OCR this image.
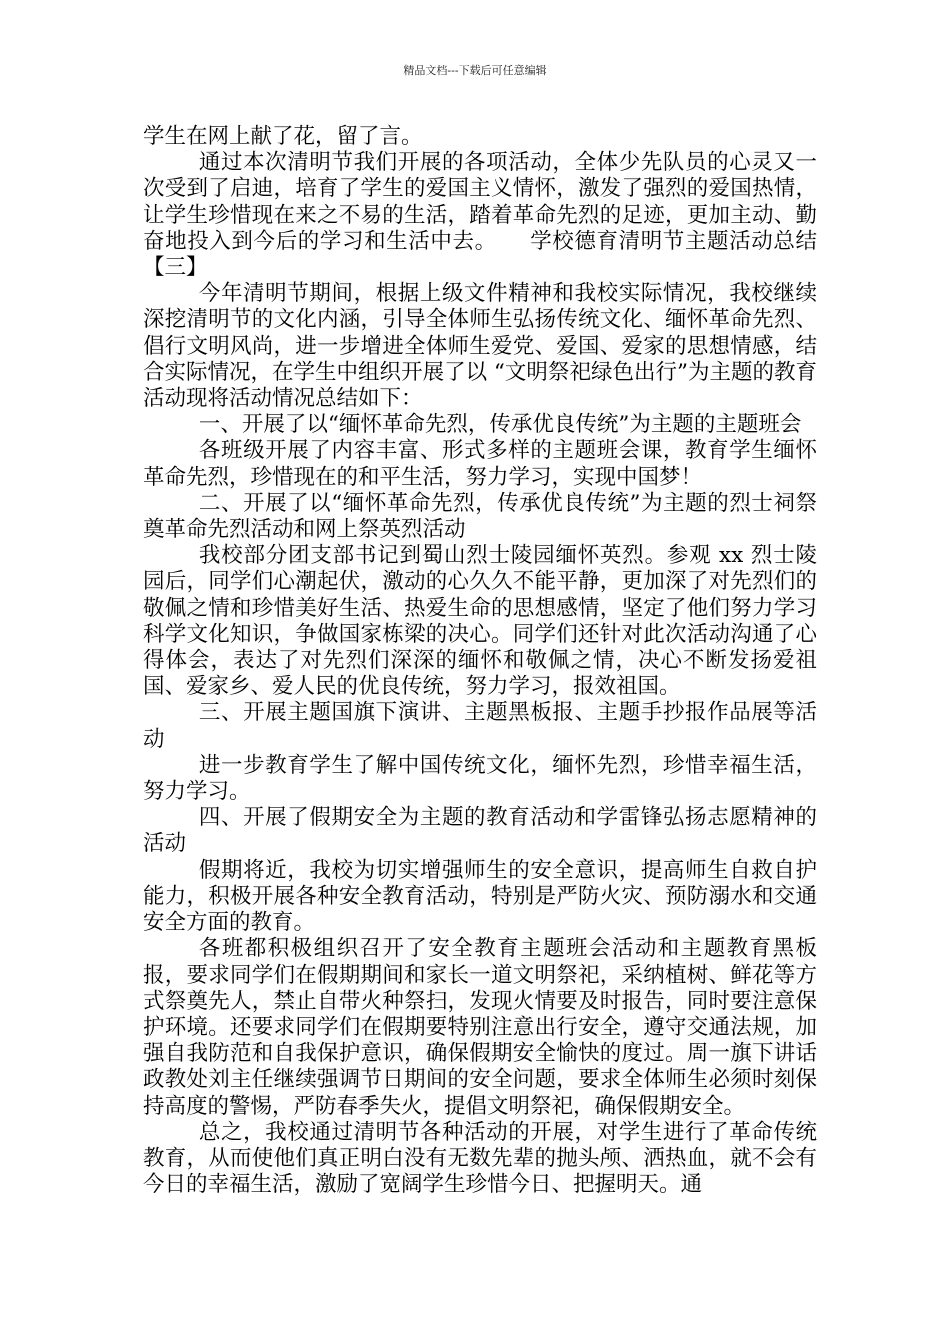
精品文档---下载后可任意编辑

学生在网上献了花，留了言。

通过本次清明节我们开展的各项活动，全体少先队员的心灵又一次受到了启迪，培育了学生的爱国主义情怀，激发了强烈的爱国热情，让学生珍惜现在来之不易的生活，踏着革命先烈的足迹，更加主动、勤奋地投入到今后的学习和生活中去。　　学校德育清明节主题活动总结【三】

今年清明节期间，根据上级文件精神和我校实际情况，我校继续深挖清明节的文化内涵，引导全体师生弘扬传统文化、缅怀革命先烈、倡行文明风尚，进一步增进全体师生爱党、爱国、爱家的思想情感，结合实际情况，在学生中组织开展了以 “文明祭祀绿色出行”为主题的教育活动现将活动情况总结如下：

一、开展了以“缅怀革命先烈，传承优良传统”为主题的主题班会

各班级开展了内容丰富、形式多样的主题班会课，教育学生缅怀革命先烈，珍惜现在的和平生活，努力学习，实现中国梦！

二、开展了以“缅怀革命先烈，传承优良传统”为主题的烈士祠祭奠革命先烈活动和网上祭英烈活动

我校部分团支部书记到蜀山烈士陵园缅怀英烈。参观 xx 烈士陵园后，同学们心潮起伏，激动的心久久不能平静，更加深了对先烈们的敬佩之情和珍惜美好生活、热爱生命的思想感情，坚定了他们努力学习科学文化知识，争做国家栋梁的决心。同学们还针对此次活动沟通了心得体会，表达了对先烈们深深的缅怀和敬佩之情，决心不断发扬爱祖国、爱家乡、爱人民的优良传统，努力学习，报效祖国。

三、开展主题国旗下演讲、主题黑板报、主题手抄报作品展等活动

进一步教育学生了解中国传统文化，缅怀先烈，珍惜幸福生活，努力学习。

四、开展了假期安全为主题的教育活动和学雷锋弘扬志愿精神的活动

假期将近，我校为切实增强师生的安全意识，提高师生自救自护能力，积极开展各种安全教育活动，特别是严防火灾、预防溺水和交通安全方面的教育。

各班都积极组织召开了安全教育主题班会活动和主题教育黑板报，要求同学们在假期期间和家长一道文明祭祀，采纳植树、鲜花等方式祭奠先人，禁止自带火种祭扫，发现火情要及时报告，同时要注意保护环境。还要求同学们在假期要特别注意出行安全，遵守交通法规，加强自我防范和自我保护意识，确保假期安全愉快的度过。周一旗下讲话政教处刘主任继续强调节日期间的安全问题，要求全体师生必须时刻保持高度的警惕，严防春季失火，提倡文明祭祀，确保假期安全。

总之，我校通过清明节各种活动的开展，对学生进行了革命传统教育，从而使他们真正明白没有无数先辈的抛头颅、洒热血，就不会有今日的幸福生活，激励了宽阔学生珍惜今日、把握明天。通
